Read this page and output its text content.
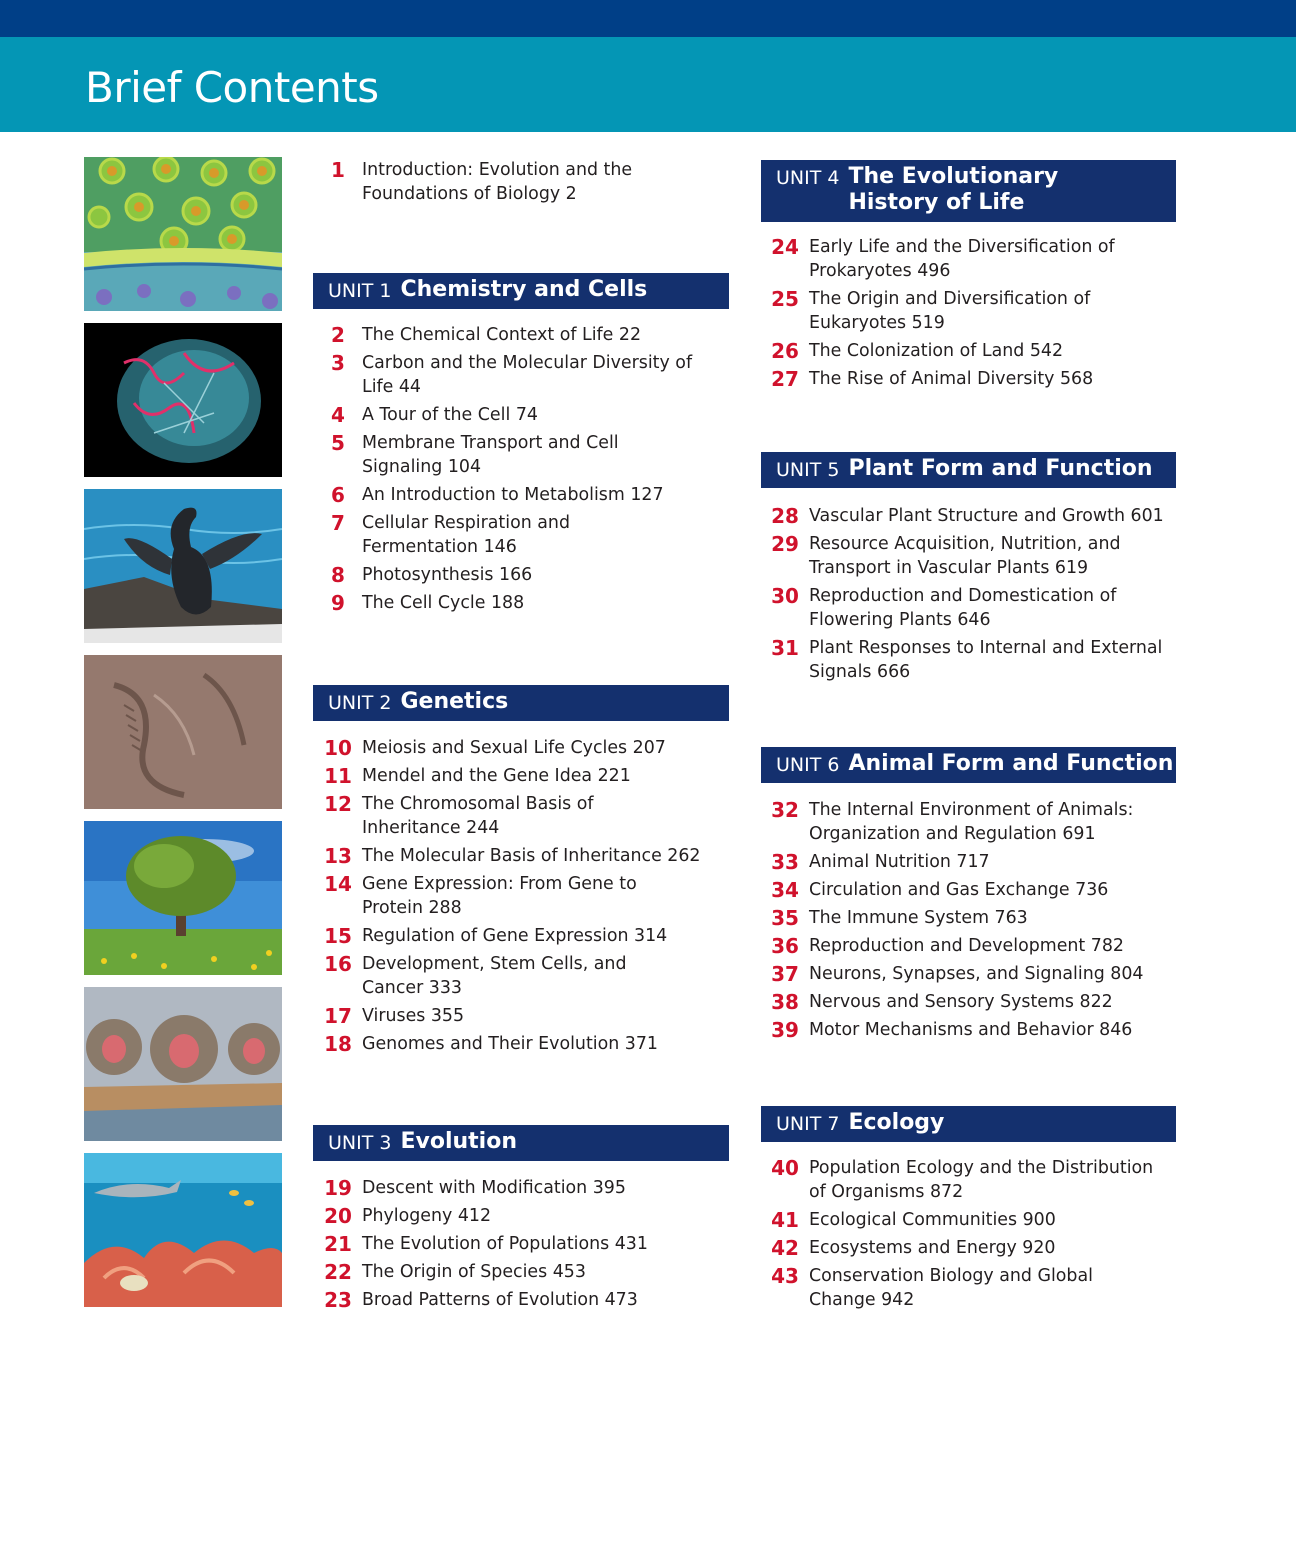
Brief Contents
1 Introduction: Evolution and the
Foundations of Biology 2
UNIT 1 Chemistry and Cells
2 The Chemical Context of Life 22
3 Carbon and the Molecular Diversity of
Life 44
4 A Tour of the Cell 74
5 Membrane Transport and Cell
Signaling 104
6 An Introduction to Metabolism 127
7 Cellular Respiration and
Fermentation 146
8 Photosynthesis 166
9 The Cell Cycle 188
UNIT 2 Genetics
10 Meiosis and Sexual Life Cycles 207
11 Mendel and the Gene Idea 221
12 The Chromosomal Basis of
Inheritance 244
13 The Molecular Basis of Inheritance 262
14 Gene Expression: From Gene to
Protein 288
15 Regulation of Gene Expression 314
16 Development, Stem Cells, and
Cancer 333
17 Viruses 355
18 Genomes and Their Evolution 371
UNIT 3 Evolution
19 Descent with Modification 395
20 Phylogeny 412
21 The Evolution of Populations 431
22 The Origin of Species 453
23 Broad Patterns of Evolution 473
UNIT 4 The Evolutionary
History of Life
24 Early Life and the Diversification of
Prokaryotes 496
25 The Origin and Diversification of
Eukaryotes 519
26 The Colonization of Land 542
27 The Rise of Animal Diversity 568
UNIT 5 Plant Form and Function
28 Vascular Plant Structure and Growth 601
29 Resource Acquisition, Nutrition, and
Transport in Vascular Plants 619
30 Reproduction and Domestication of
Flowering Plants 646
31 Plant Responses to Internal and External
Signals 666
UNIT 6 Animal Form and Function
32 The Internal Environment of Animals:
Organization and Regulation 691
33 Animal Nutrition 717
34 Circulation and Gas Exchange 736
35 The Immune System 763
36 Reproduction and Development 782
37 Neurons, Synapses, and Signaling 804
38 Nervous and Sensory Systems 822
39 Motor Mechanisms and Behavior 846
UNIT 7 Ecology
40 Population Ecology and the Distribution
of Organisms 872
41 Ecological Communities 900
42 Ecosystems and Energy 920
43 Conservation Biology and Global
Change 942
